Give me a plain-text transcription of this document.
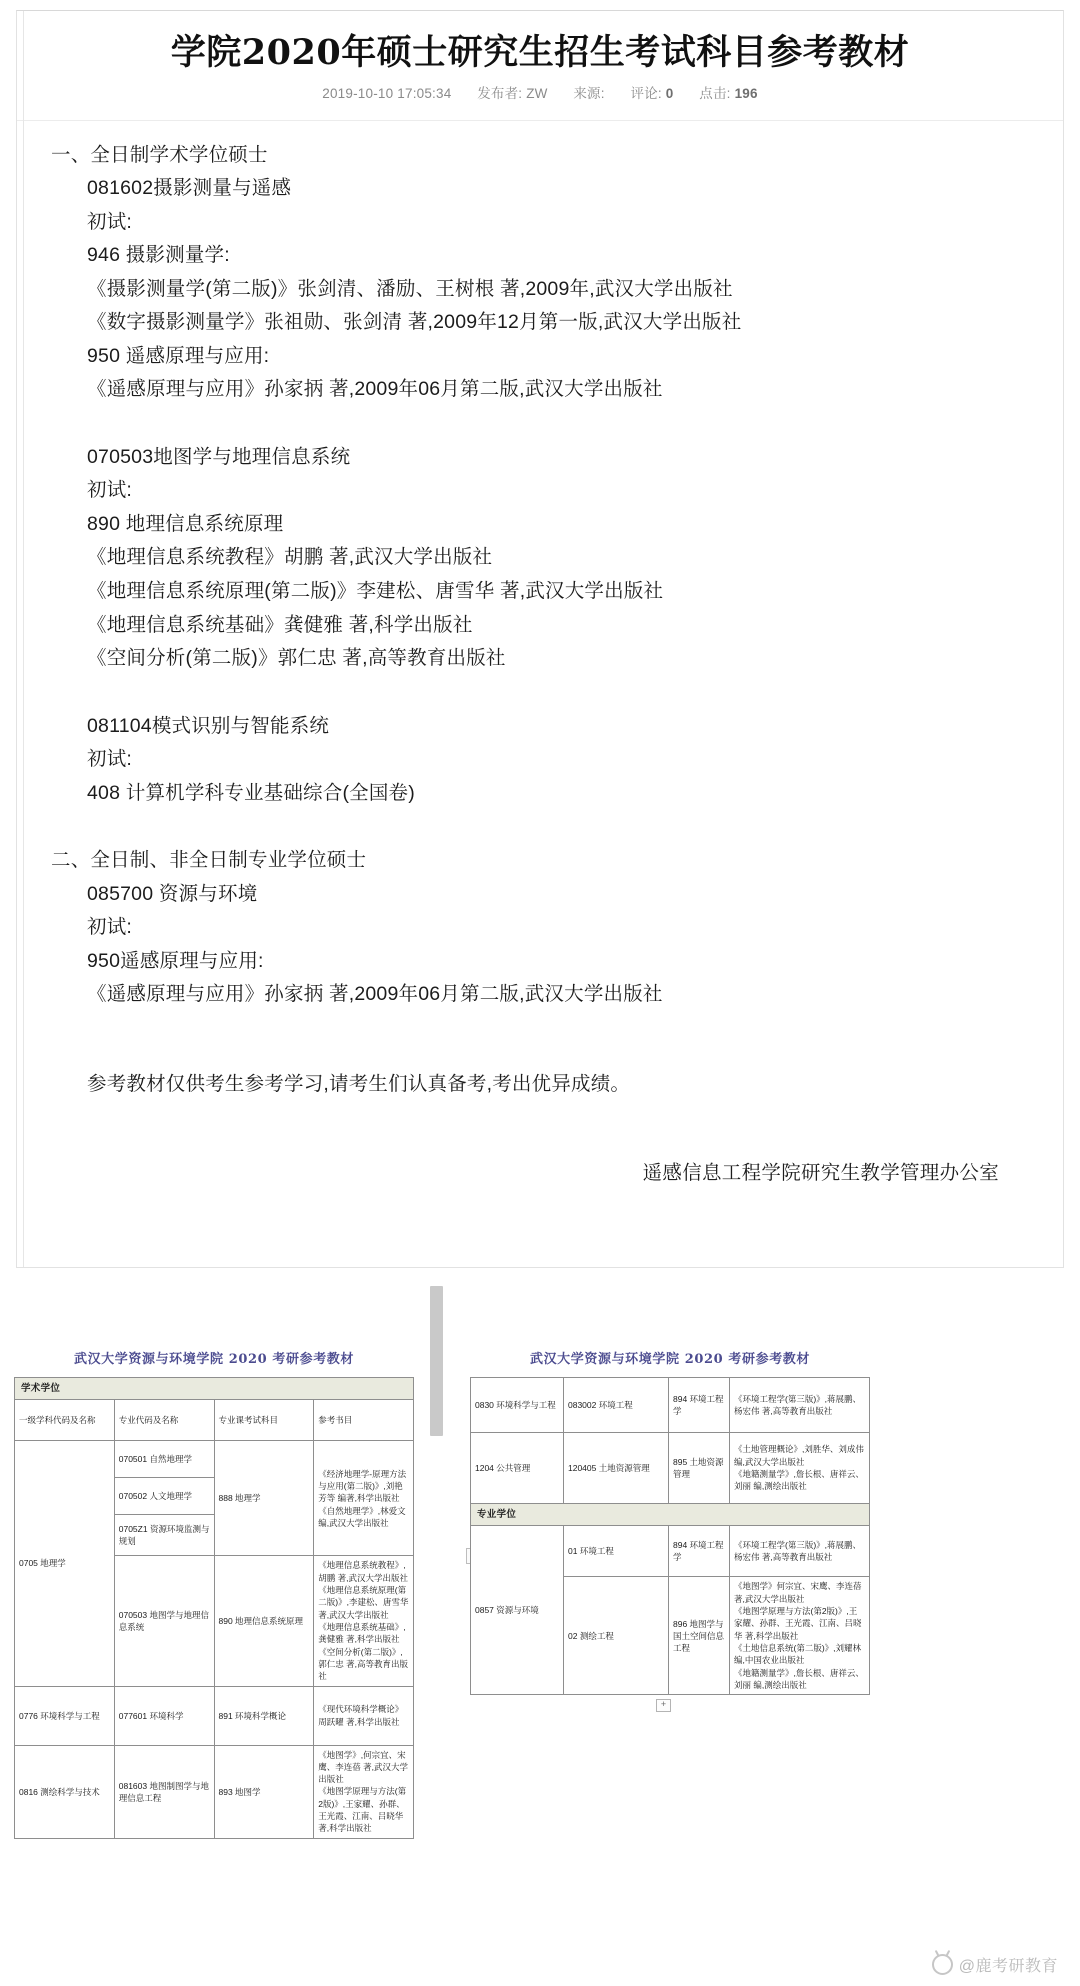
学院2020年硕士研究生招生考试科目参考教材
2019-10-10 17:05:34 发布者: ZW 来源: 评论: 0 点击: 196
一、全日制学术学位硕士
081602摄影测量与遥感
初试:
946 摄影测量学:
《摄影测量学(第二版)》张剑清、潘励、王树根 著,2009年,武汉大学出版社
《数字摄影测量学》张祖勋、张剑清 著,2009年12月第一版,武汉大学出版社
950 遥感原理与应用:
《遥感原理与应用》孙家抦 著,2009年06月第二版,武汉大学出版社
070503地图学与地理信息系统
初试:
890 地理信息系统原理
《地理信息系统教程》胡鹏 著,武汉大学出版社
《地理信息系统原理(第二版)》李建松、唐雪华 著,武汉大学出版社
《地理信息系统基础》龚健雅 著,科学出版社
《空间分析(第二版)》郭仁忠 著,高等教育出版社
081104模式识别与智能系统
初试:
408 计算机学科专业基础综合(全国卷)
二、全日制、非全日制专业学位硕士
085700 资源与环境
初试:
950遥感原理与应用:
《遥感原理与应用》孙家抦 著,2009年06月第二版,武汉大学出版社
参考教材仅供考生参考学习,请考生们认真备考,考出优异成绩。
遥感信息工程学院研究生教学管理办公室
武汉大学资源与环境学院 2020 考研参考教材
学术学位			
一级学科代码及名称	专业代码及名称	专业课考试科目	参考书目
0705 地理学	070501 自然地理学	888 地理学	《经济地理学-原理方法与应用(第二版)》,刘艳芳等 编著,科学出版社
《自然地理学》,林爱文 编,武汉大学出版社

	070502 人文地理学		
	0705Z1 资源环境监测与规划		
	070503 地图学与地理信息系统	890 地理信息系统原理	《地理信息系统教程》,胡鹏 著,武汉大学出版社
《地理信息系统原理(第二版)》,李建松、唐雪华 著,武汉大学出版社
《地理信息系统基础》,龚健雅 著,科学出版社
《空间分析(第二版)》,郭仁忠 著,高等教育出版社

0776 环境科学与工程	077601 环境科学	891 环境科学概论	《现代环境科学概论》周跃曜 著,科学出版社

0816 测绘科学与技术	081603 地图制图学与地理信息工程	893 地图学	《地图学》,何宗宜、宋鹰、李连蓓 著,武汉大学出版社
《地图学原理与方法(第2版)》,王家耀、孙群、王光霞、江南、吕晓华 著,科学出版社
武汉大学资源与环境学院 2020 考研参考教材
0830 环境科学与工程	083002 环境工程	894 环境工程学	《环境工程学(第三版)》,蒋展鹏、杨宏伟 著,高等教育出版社

1204 公共管理	120405 土地资源管理	895 土地资源管理	《土地管理概论》,刘胜华、刘成伟 编,武汉大学出版社
《地籍测量学》,詹长根、唐祥云、刘丽 编,测绘出版社

专业学位			
0857 资源与环境	01 环境工程	894 环境工程学	《环境工程学(第三版)》,蒋展鹏、杨宏伟 著,高等教育出版社

	02 测绘工程	896 地图学与国土空间信息工程	《地图学》何宗宜、宋鹰、李连蓓 著,武汉大学出版社
《地图学原理与方法(第2版)》,王家耀、孙群、王光霞、江南、吕晓华 著,科学出版社
《土地信息系统(第二版)》,刘耀林 编,中国农业出版社
《地籍测量学》,詹长根、唐祥云、刘丽 编,测绘出版社
+
@鹿考研教育
